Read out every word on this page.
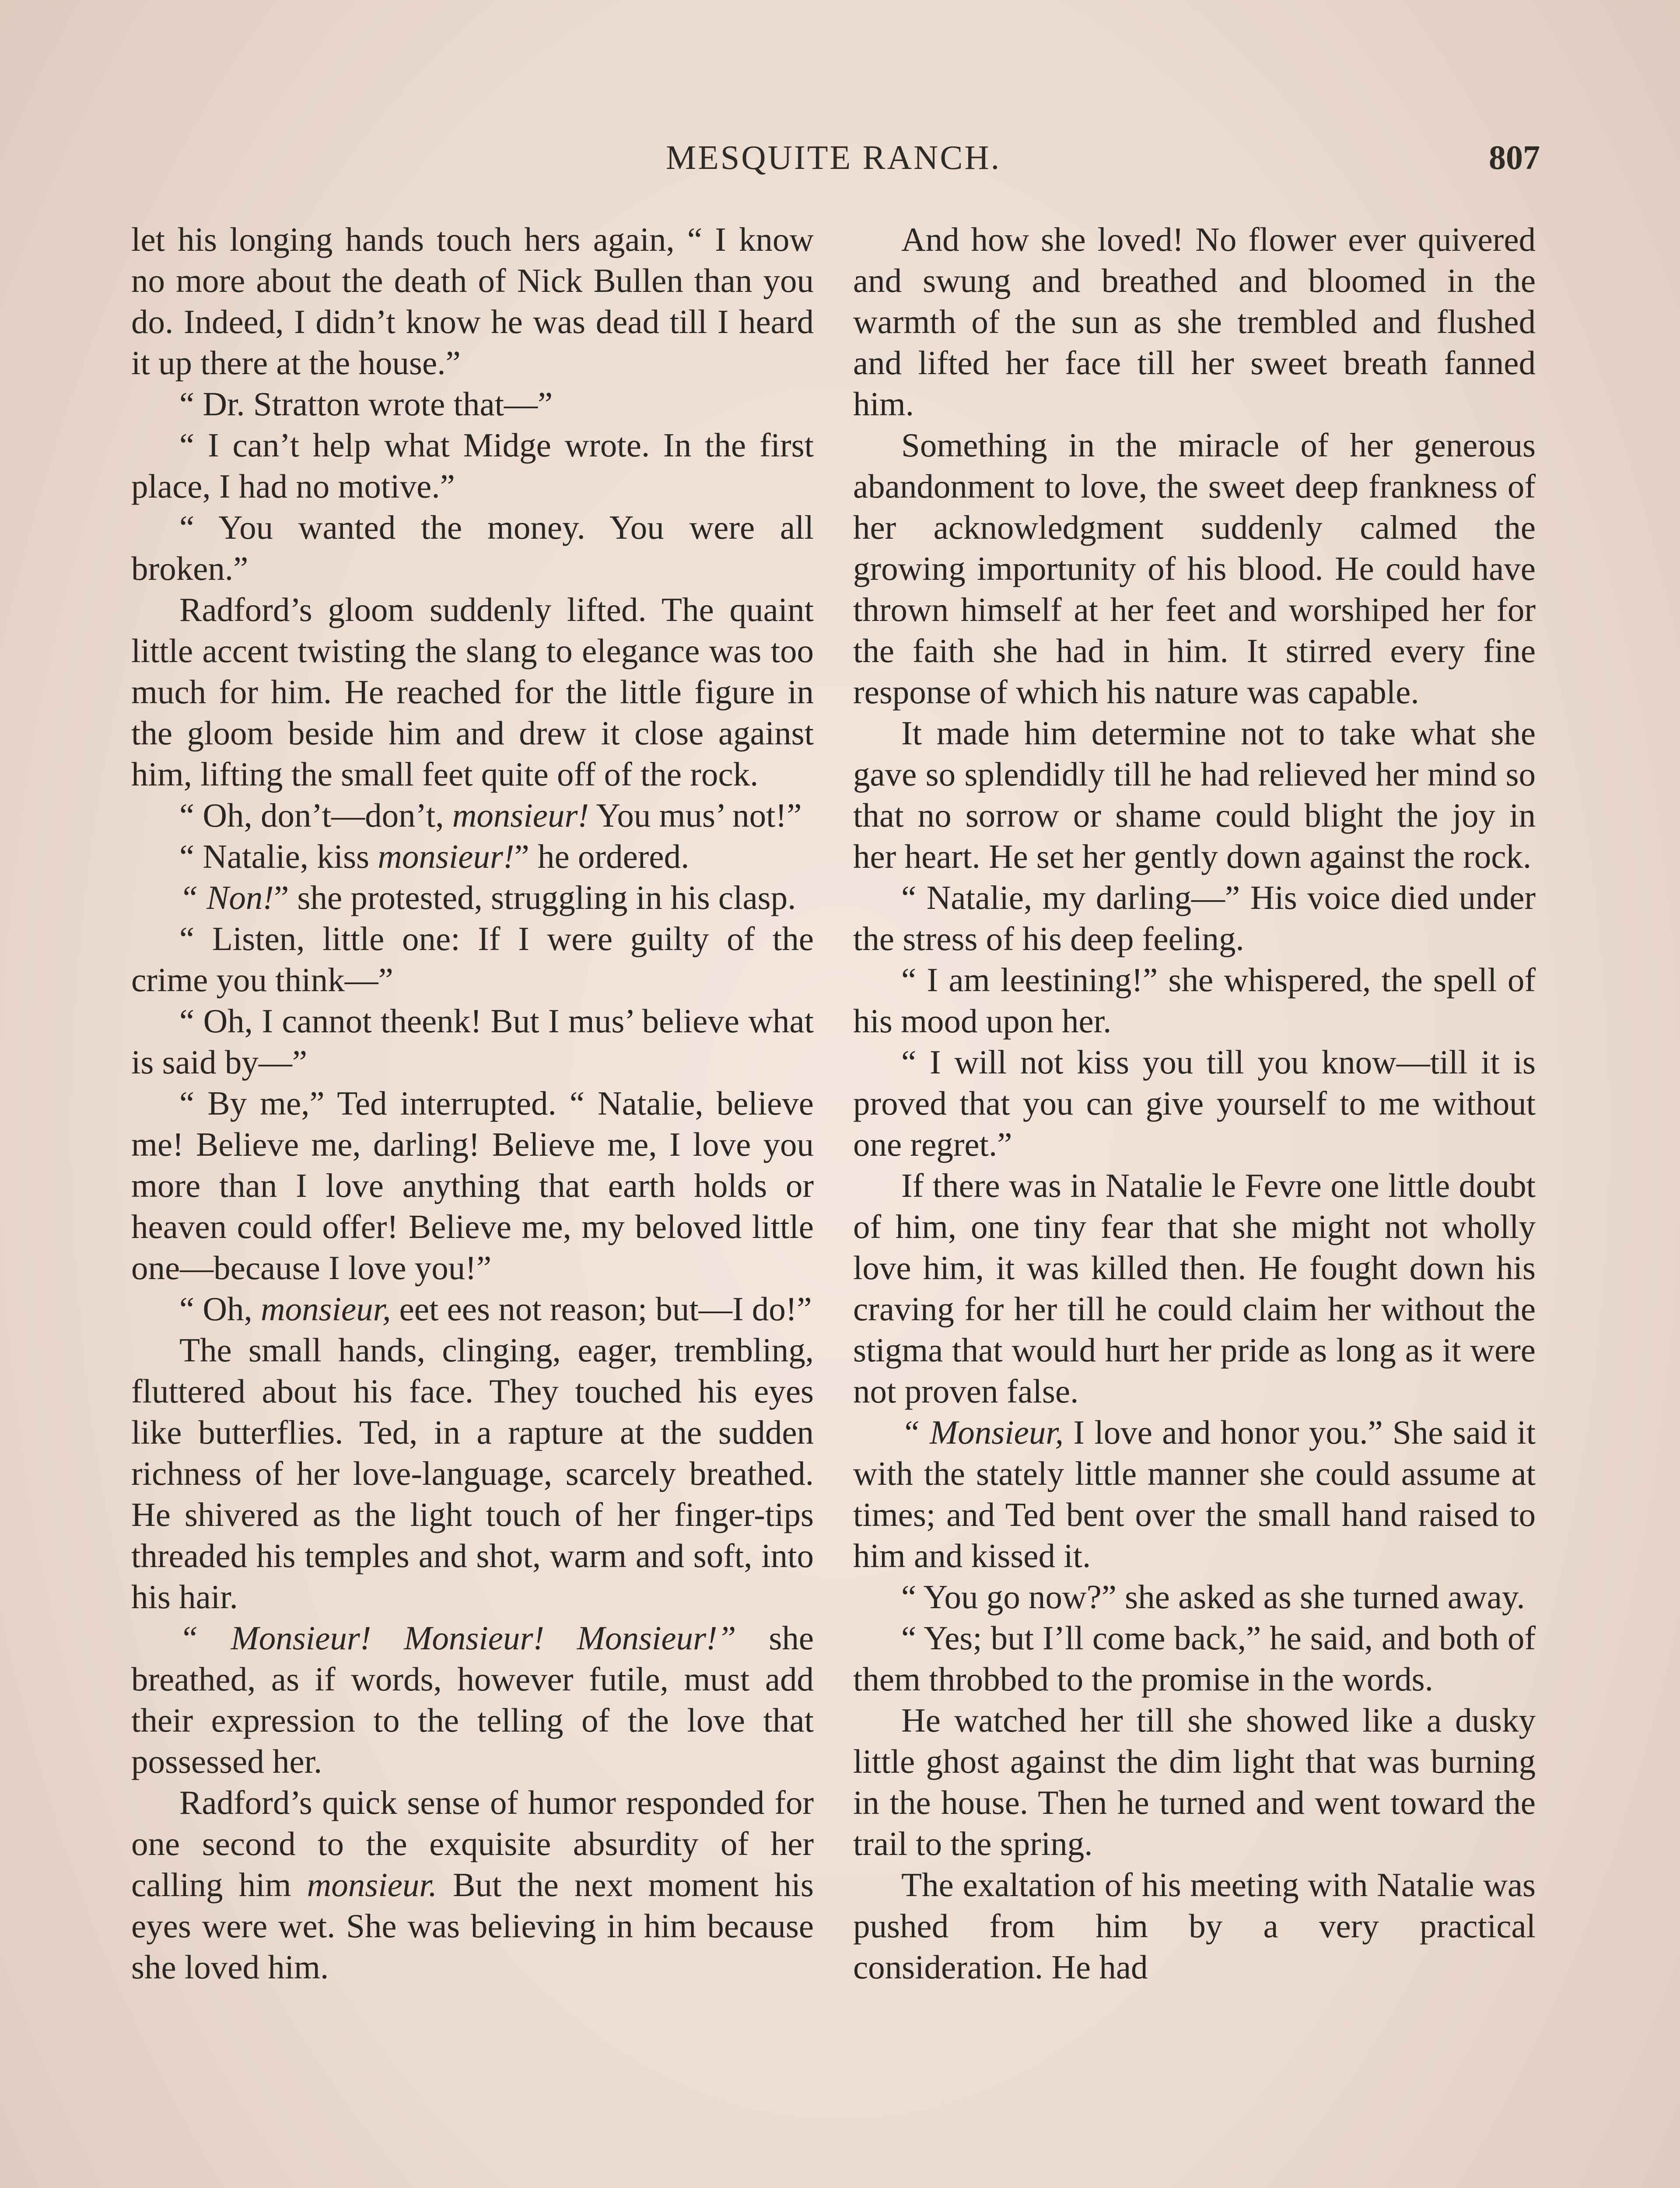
MESQUITE RANCH.	807

let his longing hands touch hers again, “ I know no more about the death of Nick Bullen than you do. Indeed, I didn’t know he was dead till I heard it up there at the house.”

“ Dr. Stratton wrote that—”

“ I can’t help what Midge wrote. In the first place, I had no motive.”

“ You wanted the money. You were all broken.”

Radford’s gloom suddenly lifted. The quaint little accent twisting the slang to elegance was too much for him. He reached for the little figure in the gloom beside him and drew it close against him, lifting the small feet quite off of the rock.

“ Oh, don’t—don’t, monsieur! You mus’ not!”

“ Natalie, kiss monsieur!” he ordered.

“ Non!” she protested, struggling in his clasp.

“ Listen, little one: If I were guilty of the crime you think—”

“ Oh, I cannot theenk! But I mus’ believe what is said by—”

“ By me,” Ted interrupted. “ Natalie, believe me! Believe me, darling! Believe me, I love you more than I love anything that earth holds or heaven could offer! Believe me, my beloved little one—because I love you!”

“ Oh, monsieur, eet ees not reason; but—I do!”

The small hands, clinging, eager, trembling, fluttered about his face. They touched his eyes like butterflies. Ted, in a rapture at the sudden richness of her love-language, scarcely breathed. He shivered as the light touch of her finger-tips threaded his temples and shot, warm and soft, into his hair.

“ Monsieur! Monsieur! Monsieur!” she breathed, as if words, however futile, must add their expression to the telling of the love that possessed her.

Radford’s quick sense of humor responded for one second to the exquisite absurdity of her calling him monsieur. But the next moment his eyes were wet. She was believing in him because she loved him.

And how she loved! No flower ever quivered and swung and breathed and bloomed in the warmth of the sun as she trembled and flushed and lifted her face till her sweet breath fanned him.

Something in the miracle of her generous abandonment to love, the sweet deep frankness of her acknowledgment suddenly calmed the growing importunity of his blood. He could have thrown himself at her feet and worshiped her for the faith she had in him. It stirred every fine response of which his nature was capable.

It made him determine not to take what she gave so splendidly till he had relieved her mind so that no sorrow or shame could blight the joy in her heart. He set her gently down against the rock.

“ Natalie, my darling—” His voice died under the stress of his deep feeling.

“ I am leestining!” she whispered, the spell of his mood upon her.

“ I will not kiss you till you know—till it is proved that you can give yourself to me without one regret.”

If there was in Natalie le Fevre one little doubt of him, one tiny fear that she might not wholly love him, it was killed then. He fought down his craving for her till he could claim her without the stigma that would hurt her pride as long as it were not proven false.

“ Monsieur, I love and honor you.” She said it with the stately little manner she could assume at times; and Ted bent over the small hand raised to him and kissed it.

“ You go now?” she asked as she turned away.

“ Yes; but I’ll come back,” he said, and both of them throbbed to the promise in the words.

He watched her till she showed like a dusky little ghost against the dim light that was burning in the house. Then he turned and went toward the trail to the spring.

The exaltation of his meeting with Natalie was pushed from him by a very practical consideration. He had
